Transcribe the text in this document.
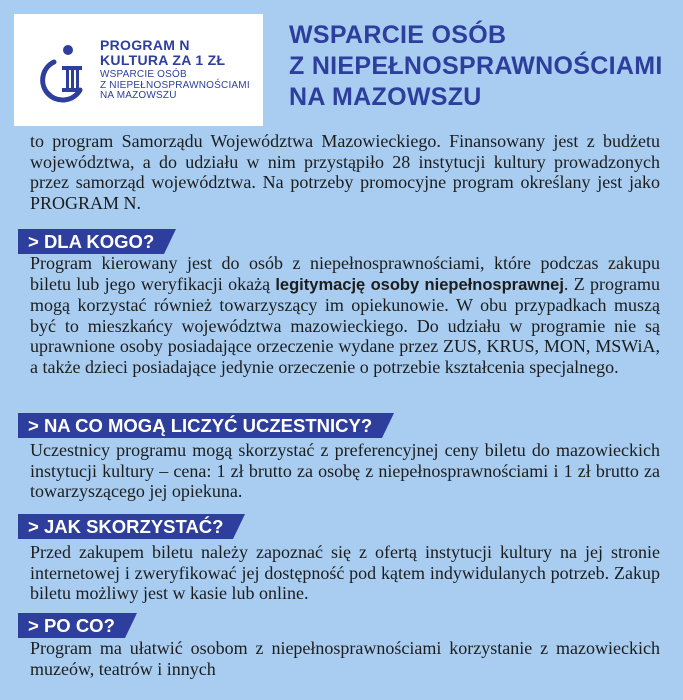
PROGRAM N
KULTURA ZA 1 ZŁ
WSPARCIE OSÓB
Z NIEPEŁNOSPRAWNOŚCIAMI
NA MAZOWSZU
WSPARCIE OSÓB
Z NIEPEŁNOSPRAWNOŚCIAMI
NA MAZOWSZU

to program Samorządu Województwa Mazowieckiego. Finansowany jest z budżetu województwa, a do udziału w nim przystąpiło 28 instytucji kultury prowadzonych przez samorząd województwa. Na potrzeby promocyjne program określany jest jako PROGRAM N.

> DLA KOGO?

Program kierowany jest do osób z niepełnosprawnościami, które podczas zakupu biletu lub jego weryfikacji okażą legitymację osoby niepełnosprawnej. Z programu mogą korzystać również towarzyszący im opiekunowie. W obu przypadkach muszą być to mieszkańcy województwa mazowieckiego. Do udziału w programie nie są uprawnione osoby posiadające orzeczenie wydane przez ZUS, KRUS, MON, MSWiA, a także dzieci posiadające jedynie orzeczenie o potrzebie kształcenia specjalnego.

> NA CO MOGĄ LICZYĆ UCZESTNICY?

Uczestnicy programu mogą skorzystać z preferencyjnej ceny biletu do mazowieckich instytucji kultury – cena: 1 zł brutto za osobę z niepełnosprawnościami i 1 zł brutto za towarzyszącego jej opiekuna.

> JAK SKORZYSTAĆ?

Przed zakupem biletu należy zapoznać się z ofertą instytucji kultury na jej stronie internetowej i zweryfikować jej dostępność pod kątem indywidulanych potrzeb. Zakup biletu możliwy jest w kasie lub online.

> PO CO?

Program ma ułatwić osobom z niepełnosprawnościami korzystanie z mazowieckich muzeów, teatrów i innych
